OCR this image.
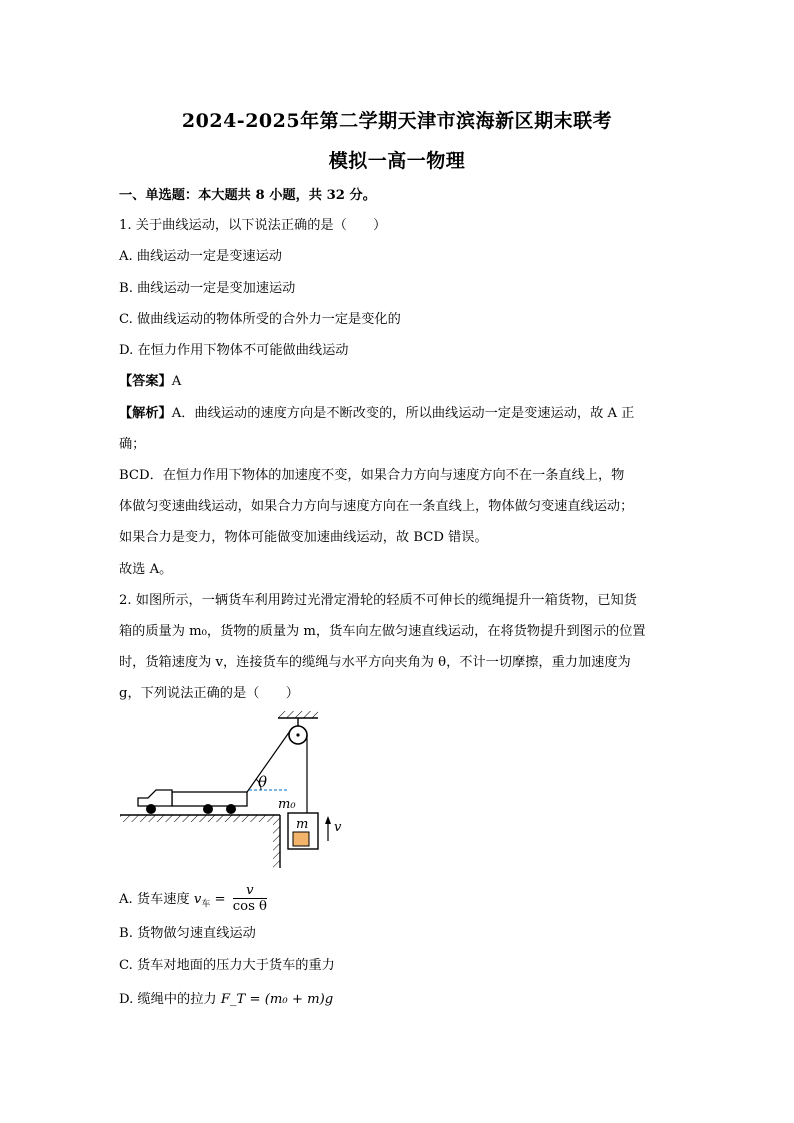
2024-2025年第二学期天津市滨海新区期末联考
模拟一高一物理
一、单选题：本大题共 8 小题，共 32 分。
1. 关于曲线运动，以下说法正确的是（　　）
A. 曲线运动一定是变速运动
B. 曲线运动一定是变加速运动
C. 做曲线运动的物体所受的合外力一定是变化的
D. 在恒力作用下物体不可能做曲线运动
【答案】A
【解析】A．曲线运动的速度方向是不断改变的，所以曲线运动一定是变速运动，故 A 正
确；
BCD．在恒力作用下物体的加速度不变，如果合力方向与速度方向不在一条直线上，物
体做匀变速曲线运动，如果合力方向与速度方向在一条直线上，物体做匀变速直线运动；
如果合力是变力，物体可能做变加速曲线运动，故 BCD 错误。
故选 A。
2. 如图所示，一辆货车利用跨过光滑定滑轮的轻质不可伸长的缆绳提升一箱货物，已知货
箱的质量为 m₀，货物的质量为 m，货车向左做匀速直线运动，在将货物提升到图示的位置
时，货箱速度为 v，连接货车的缆绳与水平方向夹角为 θ，不计一切摩擦，重力加速度为
g，下列说法正确的是（　　）
θ
m₀
m v
A. 货车速度 $v_车 = \frac{v}{\text{cos θ}}$
B. 货物做匀速直线运动
C. 货车对地面的压力大于货车的重力
D. 缆绳中的拉力 F_T = (m₀ + m)g
